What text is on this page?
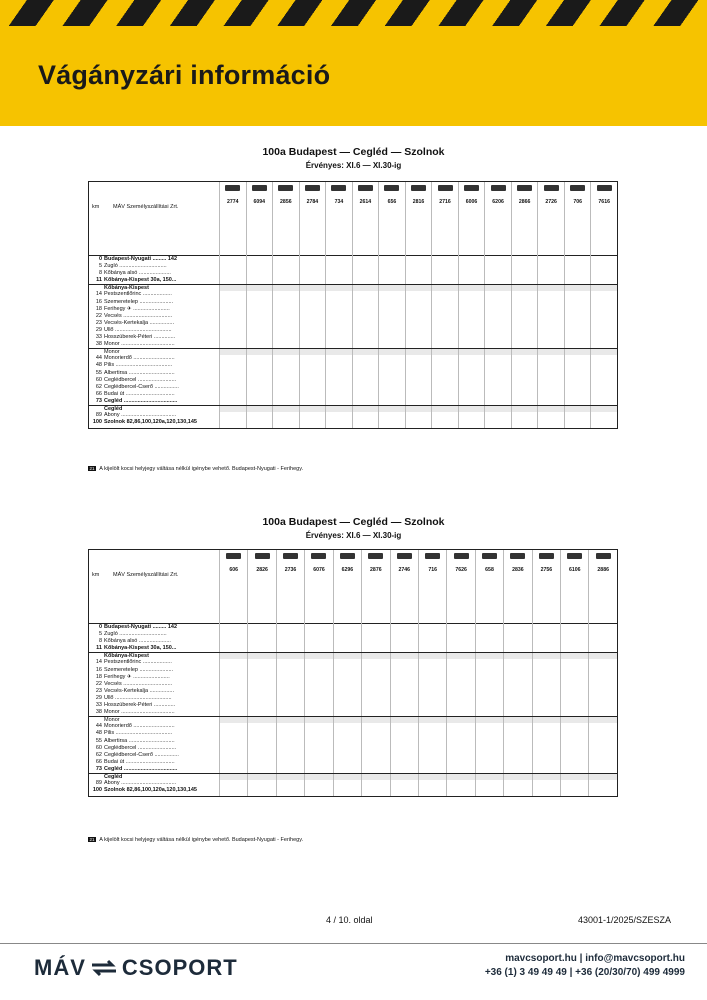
Vágányzári információ
100a Budapest — Cegléd — Szolnok
Érvényes: XI.6 — XI.30-ig
km MÁV Személyszállítási Zrt.
2774	6094	2856	2784	734	2614	656	2816	2716	6006	6206	2866	2726	706	7616
0 Budapest-Nyugati ......... 142
5 Zugló ...............................
8 Kőbánya alsó .....................
11 Kőbánya-Kispest 30a, 150...
Kőbánya-Kispest
14 Pestszentlőrinc ...................
16 Szemeretelep ......................
18 Ferihegy ✈ ........................
22 Vecsés ................................
23 Vecsés-Kertekalja ................
29 Üllő .....................................
33 Hosszúberek-Péteri ..............
38 Monor ...................................
Monor
44 Monorierdő ...........................
48 Pilis .....................................
55 Albertirsa ..............................
60 Ceglédbercel .........................
62 Ceglédbercel-Cserő ................
66 Budai út ................................
73 Cegléd ...................................
Cegléd
89 Abony ....................................
100 Szolnok 82,86,100,120a,120,130,145
21 A kijelölt kocsi helyjegy váltása nélkül igénybe vehető. Budapest-Nyugati - Ferihegy.
100a Budapest — Cegléd — Szolnok
Érvényes: XI.6 — XI.30-ig
km MÁV Személyszállítási Zrt.
606	2826	2736	6076	6296	2876	2746	716	7626	658	2836	2756	6106	2886
0 Budapest-Nyugati ......... 142
5 Zugló ...............................
8 Kőbánya alsó .....................
11 Kőbánya-Kispest 30a, 150...
Kőbánya-Kispest
14 Pestszentlőrinc ...................
16 Szemeretelep ......................
18 Ferihegy ✈ ........................
22 Vecsés ................................
23 Vecsés-Kertekalja ................
29 Üllő .....................................
33 Hosszúberek-Péteri ..............
38 Monor ...................................
Monor
44 Monorierdő ...........................
48 Pilis .....................................
55 Albertirsa ..............................
60 Ceglédbercel .........................
62 Ceglédbercel-Cserő ................
66 Budai út ................................
73 Cegléd ...................................
Cegléd
89 Abony ....................................
100 Szolnok 82,86,100,120a,120,130,145
21 A kijelölt kocsi helyjegy váltása nélkül igénybe vehető. Budapest-Nyugati - Ferihegy.
4 / 10. oldal	43001-1/2025/SZESZA
MÁV CSOPORT	mavcsoport.hu | info@mavcsoport.hu
+36 (1) 3 49 49 49 | +36 (20/30/70) 499 4999
